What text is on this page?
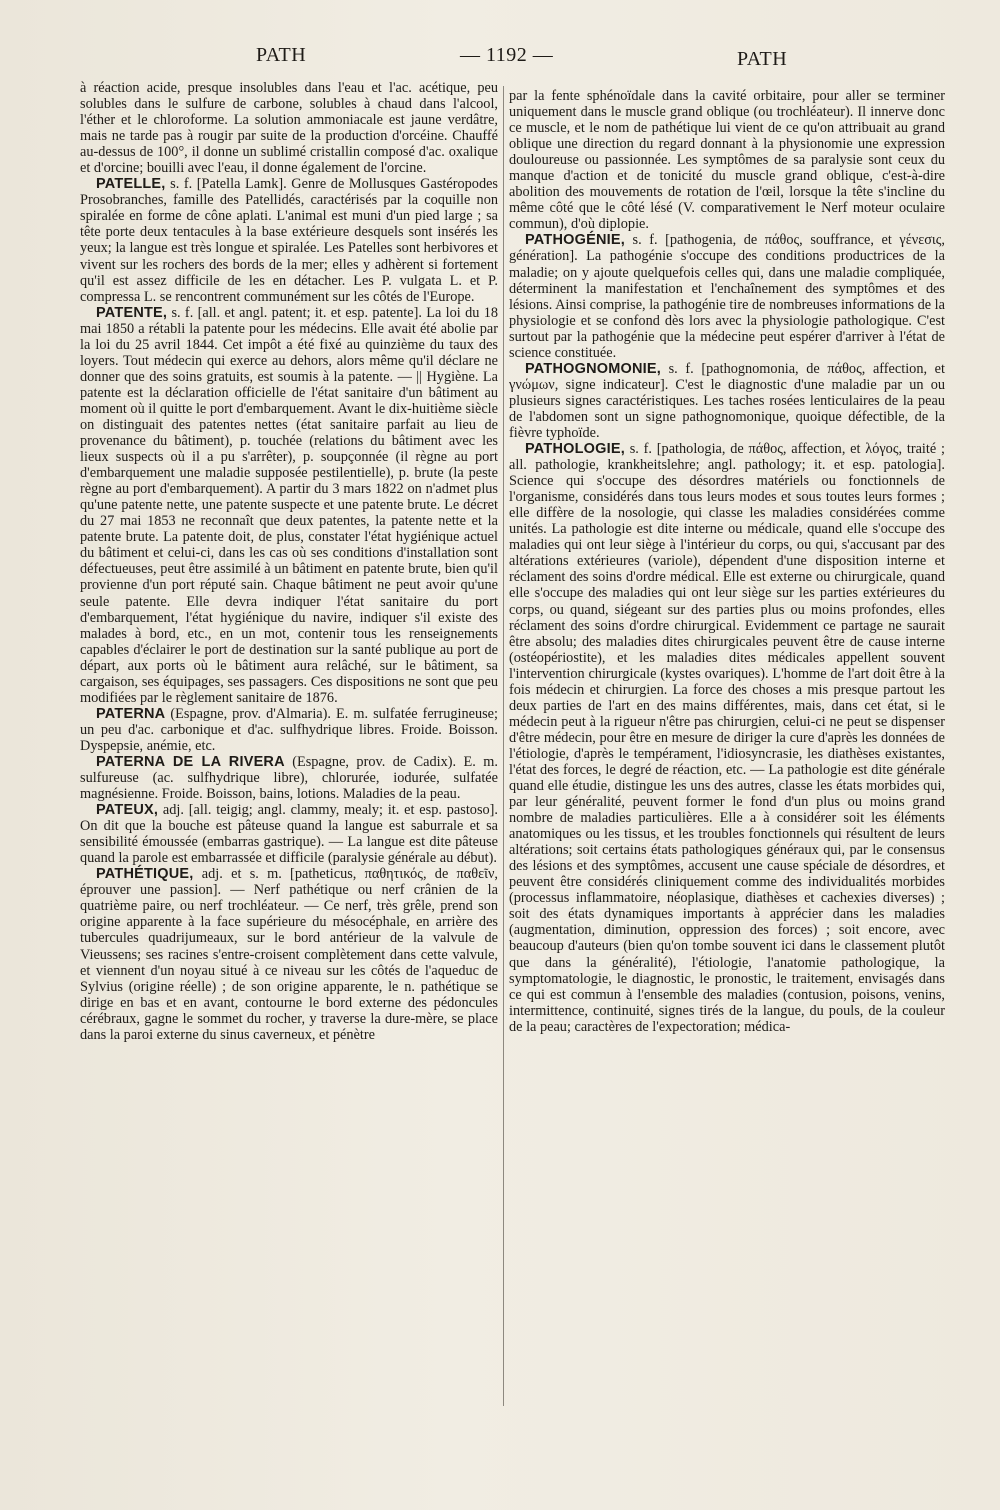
PATH	— 1192 —	PATH

à réaction acide, presque insolubles dans l'eau et l'ac. acétique, peu solubles dans le sulfure de carbone, solubles à chaud dans l'alcool, l'éther et le chloroforme. La solution ammoniacale est jaune verdâtre, mais ne tarde pas à rougir par suite de la production d'orcéine. Chauffé au-dessus de 100°, il donne un sublimé cristallin composé d'ac. oxalique et d'orcine; bouilli avec l'eau, il donne également de l'orcine.

PATELLE, s. f. [Patella Lamk]. Genre de Mollusques Gastéropodes Prosobranches, famille des Patellidés, caractérisés par la coquille non spiralée en forme de cône aplati. L'animal est muni d'un pied large ; sa tête porte deux tentacules à la base extérieure desquels sont insérés les yeux; la langue est très longue et spiralée. Les Patelles sont herbivores et vivent sur les rochers des bords de la mer; elles y adhèrent si fortement qu'il est assez difficile de les en détacher. Les P. vulgata L. et P. compressa L. se rencontrent communément sur les côtés de l'Europe.

PATENTE, s. f. [all. et angl. patent; it. et esp. patente]. La loi du 18 mai 1850 a rétabli la patente pour les médecins. Elle avait été abolie par la loi du 25 avril 1844. Cet impôt a été fixé au quinzième du taux des loyers. Tout médecin qui exerce au dehors, alors même qu'il déclare ne donner que des soins gratuits, est soumis à la patente. — || Hygiène. La patente est la déclaration officielle de l'état sanitaire d'un bâtiment au moment où il quitte le port d'embarquement. Avant le dix-huitième siècle on distinguait des patentes nettes (état sanitaire parfait au lieu de provenance du bâtiment), p. touchée (relations du bâtiment avec les lieux suspects où il a pu s'arrêter), p. soupçonnée (il règne au port d'embarquement une maladie supposée pestilentielle), p. brute (la peste règne au port d'embarquement). A partir du 3 mars 1822 on n'admet plus qu'une patente nette, une patente suspecte et une patente brute. Le décret du 27 mai 1853 ne reconnaît que deux patentes, la patente nette et la patente brute. La patente doit, de plus, constater l'état hygiénique actuel du bâtiment et celui-ci, dans les cas où ses conditions d'installation sont défectueuses, peut être assimilé à un bâtiment en patente brute, bien qu'il provienne d'un port réputé sain. Chaque bâtiment ne peut avoir qu'une seule patente. Elle devra indiquer l'état sanitaire du port d'embarquement, l'état hygiénique du navire, indiquer s'il existe des malades à bord, etc., en un mot, contenir tous les renseignements capables d'éclairer le port de destination sur la santé publique au port de départ, aux ports où le bâtiment aura relâché, sur le bâtiment, sa cargaison, ses équipages, ses passagers. Ces dispositions ne sont que peu modifiées par le règlement sanitaire de 1876.

PATERNA (Espagne, prov. d'Almaria). E. m. sulfatée ferrugineuse; un peu d'ac. carbonique et d'ac. sulfhydrique libres. Froide. Boisson. Dyspepsie, anémie, etc.

PATERNA DE LA RIVERA (Espagne, prov. de Cadix). E. m. sulfureuse (ac. sulfhydrique libre), chlorurée, iodurée, sulfatée magnésienne. Froide. Boisson, bains, lotions. Maladies de la peau.

PATEUX, adj. [all. teigig; angl. clammy, mealy; it. et esp. pastoso]. On dit que la bouche est pâteuse quand la langue est saburrale et sa sensibilité émoussée (embarras gastrique). — La langue est dite pâteuse quand la parole est embarrassée et difficile (paralysie générale au début).

PATHÉTIQUE, adj. et s. m. [patheticus, παθητικός, de παθεῖν, éprouver une passion]. — Nerf pathétique ou nerf crânien de la quatrième paire, ou nerf trochléateur. — Ce nerf, très grêle, prend son origine apparente à la face supérieure du mésocéphale, en arrière des tubercules quadrijumeaux, sur le bord antérieur de la valvule de Vieussens; ses racines s'entre-croisent complètement dans cette valvule, et viennent d'un noyau situé à ce niveau sur les côtés de l'aqueduc de Sylvius (origine réelle) ; de son origine apparente, le n. pathétique se dirige en bas et en avant, contourne le bord externe des pédoncules cérébraux, gagne le sommet du rocher, y traverse la dure-mère, se place dans la paroi externe du sinus caverneux, et pénètre

par la fente sphénoïdale dans la cavité orbitaire, pour aller se terminer uniquement dans le muscle grand oblique (ou trochléateur). Il innerve donc ce muscle, et le nom de pathétique lui vient de ce qu'on attribuait au grand oblique une direction du regard donnant à la physionomie une expression douloureuse ou passionnée. Les symptômes de sa paralysie sont ceux du manque d'action et de tonicité du muscle grand oblique, c'est-à-dire abolition des mouvements de rotation de l'œil, lorsque la tête s'incline du même côté que le côté lésé (V. comparativement le Nerf moteur oculaire commun), d'où diplopie.

PATHOGÉNIE, s. f. [pathogenia, de πάθος, souffrance, et γένεσις, génération]. La pathogénie s'occupe des conditions productrices de la maladie; on y ajoute quelquefois celles qui, dans une maladie compliquée, déterminent la manifestation et l'enchaînement des symptômes et des lésions. Ainsi comprise, la pathogénie tire de nombreuses informations de la physiologie et se confond dès lors avec la physiologie pathologique. C'est surtout par la pathogénie que la médecine peut espérer d'arriver à l'état de science constituée.

PATHOGNOMONIE, s. f. [pathognomonia, de πάθος, affection, et γνώμων, signe indicateur]. C'est le diagnostic d'une maladie par un ou plusieurs signes caractéristiques. Les taches rosées lenticulaires de la peau de l'abdomen sont un signe pathognomonique, quoique défectible, de la fièvre typhoïde.

PATHOLOGIE, s. f. [pathologia, de πάθος, affection, et λόγος, traité ; all. pathologie, krankheitslehre; angl. pathology; it. et esp. patologia]. Science qui s'occupe des désordres matériels ou fonctionnels de l'organisme, considérés dans tous leurs modes et sous toutes leurs formes ; elle diffère de la nosologie, qui classe les maladies considérées comme unités. La pathologie est dite interne ou médicale, quand elle s'occupe des maladies qui ont leur siège à l'intérieur du corps, ou qui, s'accusant par des altérations extérieures (variole), dépendent d'une disposition interne et réclament des soins d'ordre médical. Elle est externe ou chirurgicale, quand elle s'occupe des maladies qui ont leur siège sur les parties extérieures du corps, ou quand, siégeant sur des parties plus ou moins profondes, elles réclament des soins d'ordre chirurgical. Evidemment ce partage ne saurait être absolu; des maladies dites chirurgicales peuvent être de cause interne (ostéopériostite), et les maladies dites médicales appellent souvent l'intervention chirurgicale (kystes ovariques). L'homme de l'art doit être à la fois médecin et chirurgien. La force des choses a mis presque partout les deux parties de l'art en des mains différentes, mais, dans cet état, si le médecin peut à la rigueur n'être pas chirurgien, celui-ci ne peut se dispenser d'être médecin, pour être en mesure de diriger la cure d'après les données de l'étiologie, d'après le tempérament, l'idiosyncrasie, les diathèses existantes, l'état des forces, le degré de réaction, etc. — La pathologie est dite générale quand elle étudie, distingue les uns des autres, classe les états morbides qui, par leur généralité, peuvent former le fond d'un plus ou moins grand nombre de maladies particulières. Elle a à considérer soit les éléments anatomiques ou les tissus, et les troubles fonctionnels qui résultent de leurs altérations; soit certains états pathologiques généraux qui, par le consensus des lésions et des symptômes, accusent une cause spéciale de désordres, et peuvent être considérés cliniquement comme des individualités morbides (processus inflammatoire, néoplasique, diathèses et cachexies diverses) ; soit des états dynamiques importants à apprécier dans les maladies (augmentation, diminution, oppression des forces) ; soit encore, avec beaucoup d'auteurs (bien qu'on tombe souvent ici dans le classement plutôt que dans la généralité), l'étiologie, l'anatomie pathologique, la symptomatologie, le diagnostic, le pronostic, le traitement, envisagés dans ce qui est commun à l'ensemble des maladies (contusion, poisons, venins, intermittence, continuité, signes tirés de la langue, du pouls, de la couleur de la peau; caractères de l'expectoration; médica-
